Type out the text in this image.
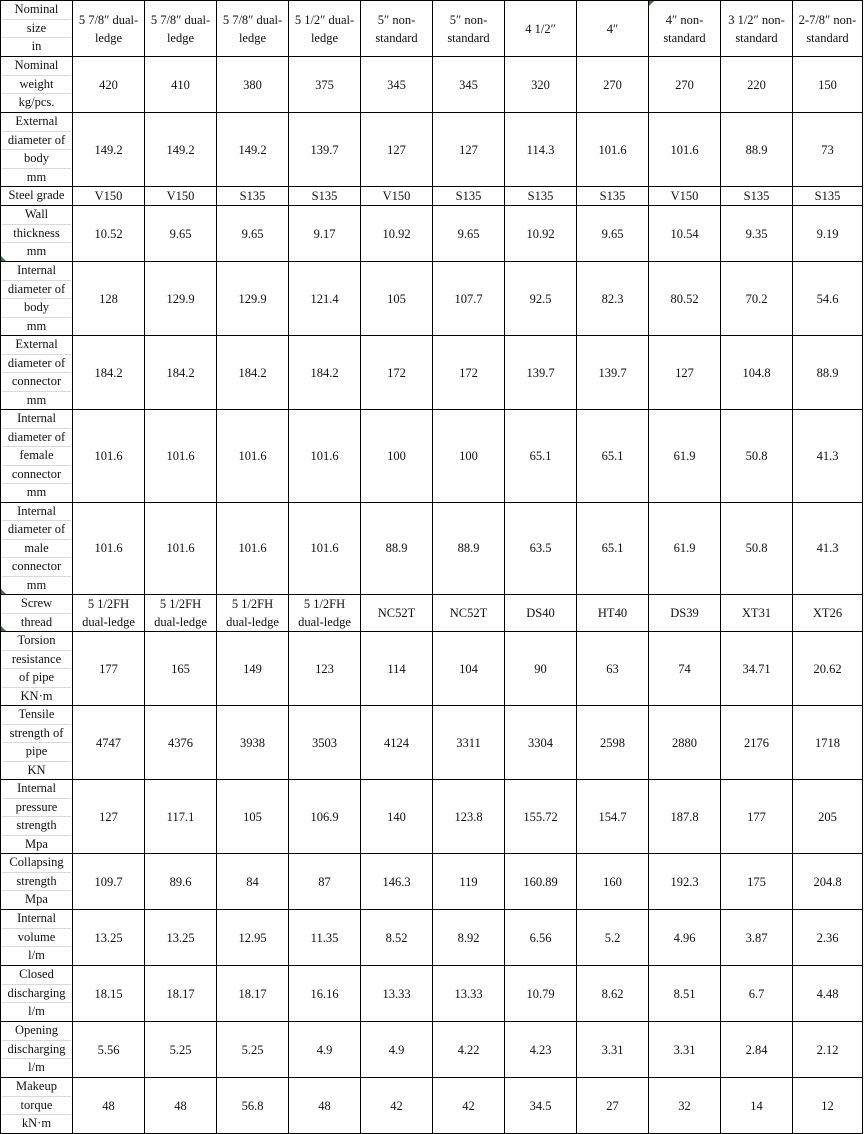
Nominal
size
in	5 7/8″ dual-ledge	5 7/8″ dual-ledge	5 7/8″ dual-ledge	5 1/2″ dual-ledge	5″ non-standard	5″ non-standard	4 1/2″	4″	4″ non-standard	3 1/2″ non-standard	2-7/8″ non-standard

Nominal
weight
kg/pcs.	420	410	380	375	345	345	320	270	270	220	150

External
diameter of
body
mm	149.2	149.2	149.2	139.7	127	127	114.3	101.6	101.6	88.9	73

Steel grade	V150	V150	S135	S135	V150	S135	S135	S135	V150	S135	S135

Wall
thickness
mm	10.52	9.65	9.65	9.17	10.92	9.65	10.92	9.65	10.54	9.35	9.19

Internal
diameter of
body
mm	128	129.9	129.9	121.4	105	107.7	92.5	82.3	80.52	70.2	54.6

External
diameter of
connector
mm	184.2	184.2	184.2	184.2	172	172	139.7	139.7	127	104.8	88.9

Internal
diameter of
female
connector
mm	101.6	101.6	101.6	101.6	100	100	65.1	65.1	61.9	50.8	41.3

Internal
diameter of
male
connector
mm	101.6	101.6	101.6	101.6	88.9	88.9	63.5	65.1	61.9	50.8	41.3

Screw
thread	5 1/2FH dual-ledge	5 1/2FH dual-ledge	5 1/2FH dual-ledge	5 1/2FH dual-ledge	NC52T	NC52T	DS40	HT40	DS39	XT31	XT26

Torsion
resistance
of pipe
KN·m	177	165	149	123	114	104	90	63	74	34.71	20.62

Tensile
strength of
pipe
KN	4747	4376	3938	3503	4124	3311	3304	2598	2880	2176	1718

Internal
pressure
strength
Mpa	127	117.1	105	106.9	140	123.8	155.72	154.7	187.8	177	205

Collapsing
strength
Mpa	109.7	89.6	84	87	146.3	119	160.89	160	192.3	175	204.8

Internal
volume
l/m	13.25	13.25	12.95	11.35	8.52	8.92	6.56	5.2	4.96	3.87	2.36

Closed
discharging
l/m	18.15	18.17	18.17	16.16	13.33	13.33	10.79	8.62	8.51	6.7	4.48

Opening
discharging
l/m	5.56	5.25	5.25	4.9	4.9	4.22	4.23	3.31	3.31	2.84	2.12

Makeup
torque
kN·m	48	48	56.8	48	42	42	34.5	27	32	14	12
